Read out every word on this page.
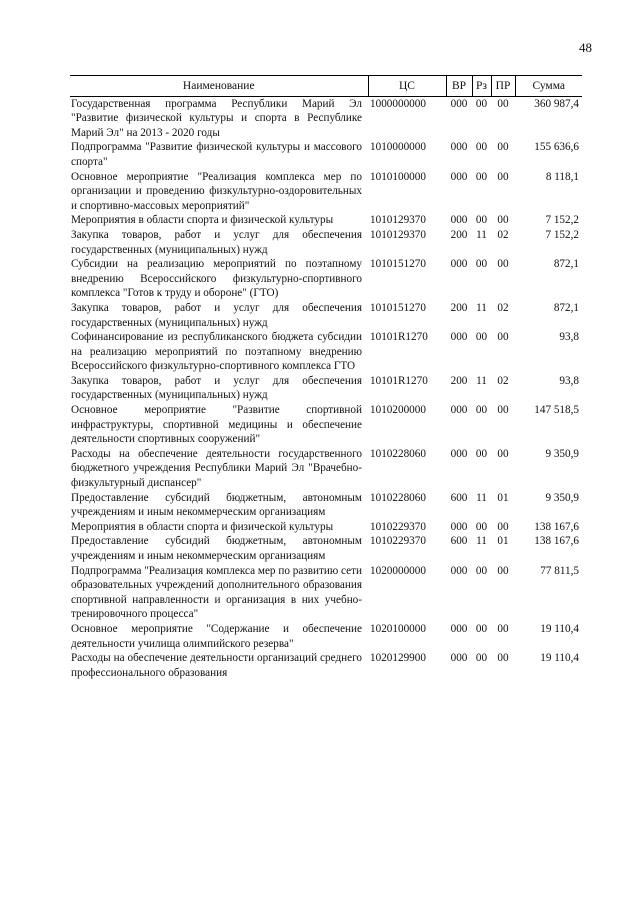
48
Наименование	ЦС	ВР	Рз	ПР	Сумма
Государственная программа Республики Марий Эл "Развитие физической культуры и спорта в Республике Марий Эл" на 2013 - 2020 годы	1000000000	000	00	00	360 987,4
Подпрограмма "Развитие физической культуры и массового спорта"	1010000000	000	00	00	155 636,6
Основное мероприятие "Реализация комплекса мер по организации и проведению физкультурно-оздоровительных и спортивно-массовых мероприятий"	1010100000	000	00	00	8 118,1
Мероприятия в области спорта и физической культуры	1010129370	000	00	00	7 152,2
Закупка товаров, работ и услуг для обеспечения государственных (муниципальных) нужд	1010129370	200	11	02	7 152,2
Субсидии на реализацию мероприятий по поэтапному внедрению Всероссийского физкультурно-спортивного комплекса "Готов к труду и обороне" (ГТО)	1010151270	000	00	00	872,1
Закупка товаров, работ и услуг для обеспечения государственных (муниципальных) нужд	1010151270	200	11	02	872,1
Софинансирование из республиканского бюджета субсидии на реализацию мероприятий по поэтапному внедрению Всероссийского физкультурно-спортивного комплекса ГТО	10101R1270	000	00	00	93,8
Закупка товаров, работ и услуг для обеспечения государственных (муниципальных) нужд	10101R1270	200	11	02	93,8
Основное мероприятие "Развитие спортивной инфраструктуры, спортивной медицины и обеспечение деятельности спортивных сооружений"	1010200000	000	00	00	147 518,5
Расходы на обеспечение деятельности государственного бюджетного учреждения Республики Марий Эл "Врачебно-физкультурный диспансер"	1010228060	000	00	00	9 350,9
Предоставление субсидий бюджетным, автономным учреждениям и иным некоммерческим организациям	1010228060	600	11	01	9 350,9
Мероприятия в области спорта и физической культуры	1010229370	000	00	00	138 167,6
Предоставление субсидий бюджетным, автономным учреждениям и иным некоммерческим организациям	1010229370	600	11	01	138 167,6
Подпрограмма "Реализация комплекса мер по развитию сети образовательных учреждений дополнительного образования спортивной направленности и организация в них учебно-тренировочного процесса"	1020000000	000	00	00	77 811,5
Основное мероприятие "Содержание и обеспечение деятельности училища олимпийского резерва"	1020100000	000	00	00	19 110,4
Расходы на обеспечение деятельности организаций среднего профессионального образования	1020129900	000	00	00	19 110,4
